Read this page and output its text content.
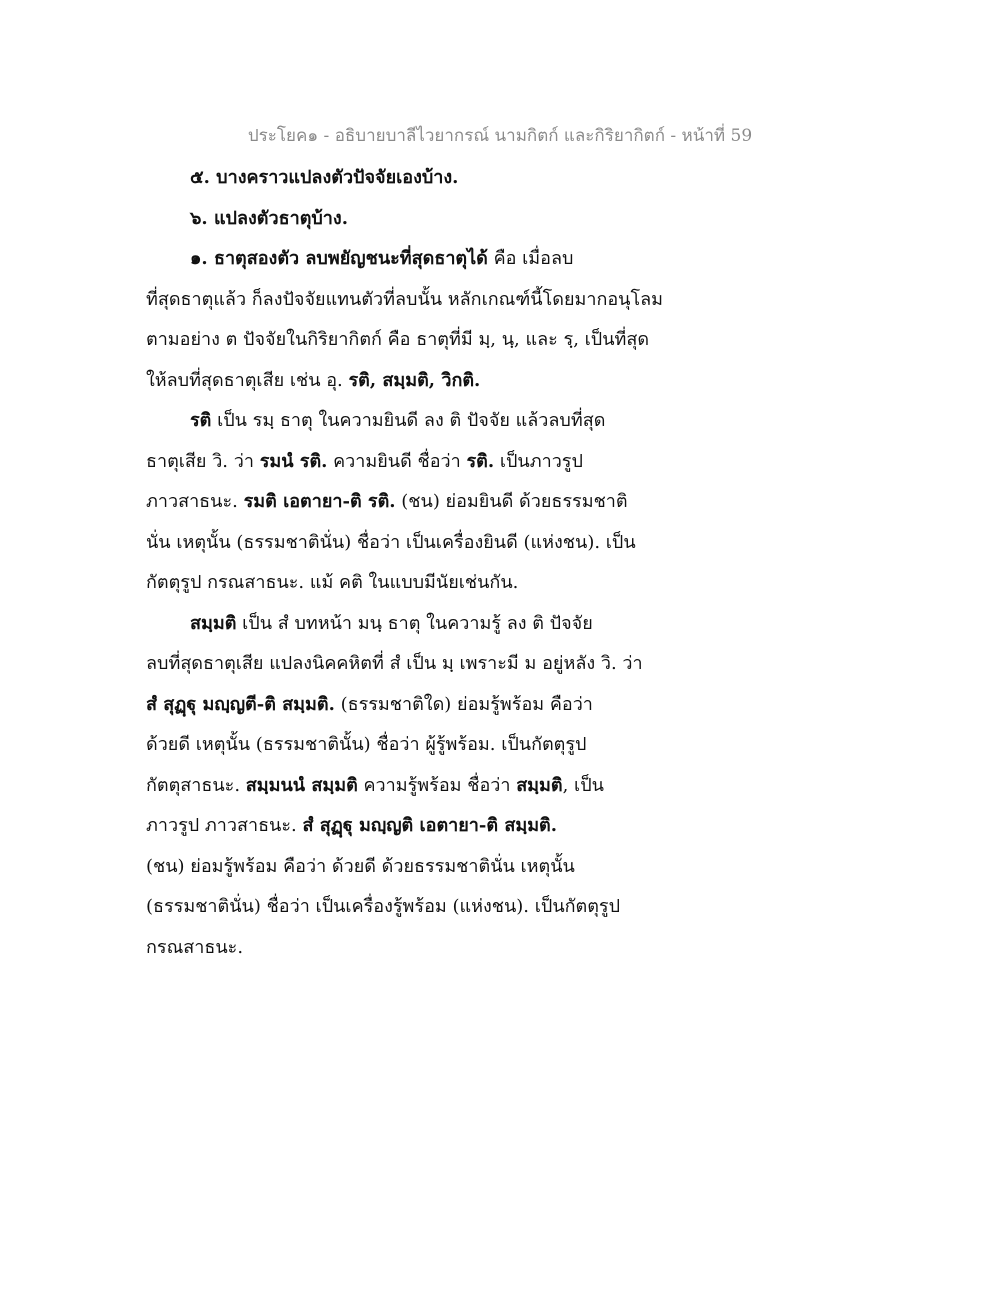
ประโยค๑ - อธิบายบาลีไวยากรณ์ นามกิตก์ และกิริยากิตก์ - หน้าที่ 59
๕. บางคราวแปลงตัวปัจจัยเองบ้าง.
๖. แปลงตัวธาตุบ้าง.
๑. ธาตุสองตัว ลบพยัญชนะที่สุดธาตุได้ คือ เมื่อลบ
ที่สุดธาตุแล้ว ก็ลงปัจจัยแทนตัวที่ลบนั้น หลักเกณฑ์นี้โดยมากอนุโลม
ตามอย่าง ต ปัจจัยในกิริยากิตก์ คือ ธาตุที่มี มฺ, นฺ, และ รฺ, เป็นที่สุด
ให้ลบที่สุดธาตุเสีย เช่น อุ. รติ, สมฺมติ, วิกติ.
รติ เป็น รมฺ ธาตุ ในความยินดี ลง ติ ปัจจัย แล้วลบที่สุด
ธาตุเสีย วิ. ว่า รมนํ รติ. ความยินดี ชื่อว่า รติ. เป็นภาวรูป
ภาวสาธนะ. รมติ เอตายา-ติ รติ. (ชน) ย่อมยินดี ด้วยธรรมชาติ
นั่น เหตุนั้น (ธรรมชาตินั่น) ชื่อว่า เป็นเครื่องยินดี (แห่งชน). เป็น
กัตตุรูป กรณสาธนะ. แม้ คติ ในแบบมีนัยเช่นกัน.
สมฺมติ เป็น สํ บทหน้า มนฺ ธาตุ ในความรู้ ลง ติ ปัจจัย
ลบที่สุดธาตุเสีย แปลงนิคคหิตที่ สํ เป็น มฺ เพราะมี ม อยู่หลัง วิ. ว่า
สํ สุฏฺฐุ มญฺญตี-ติ สมฺมติ. (ธรรมชาติใด) ย่อมรู้พร้อม คือว่า
ด้วยดี เหตุนั้น (ธรรมชาตินั้น) ชื่อว่า ผู้รู้พร้อม. เป็นกัตตุรูป
กัตตุสาธนะ. สมฺมนนํ สมฺมติ ความรู้พร้อม ชื่อว่า สมฺมติ, เป็น
ภาวรูป ภาวสาธนะ. สํ สุฏฺฐุ มญฺญติ เอตายา-ติ สมฺมติ.
(ชน) ย่อมรู้พร้อม คือว่า ด้วยดี ด้วยธรรมชาตินั่น เหตุนั้น
(ธรรมชาตินั่น) ชื่อว่า เป็นเครื่องรู้พร้อม (แห่งชน). เป็นกัตตุรูป
กรณสาธนะ.
